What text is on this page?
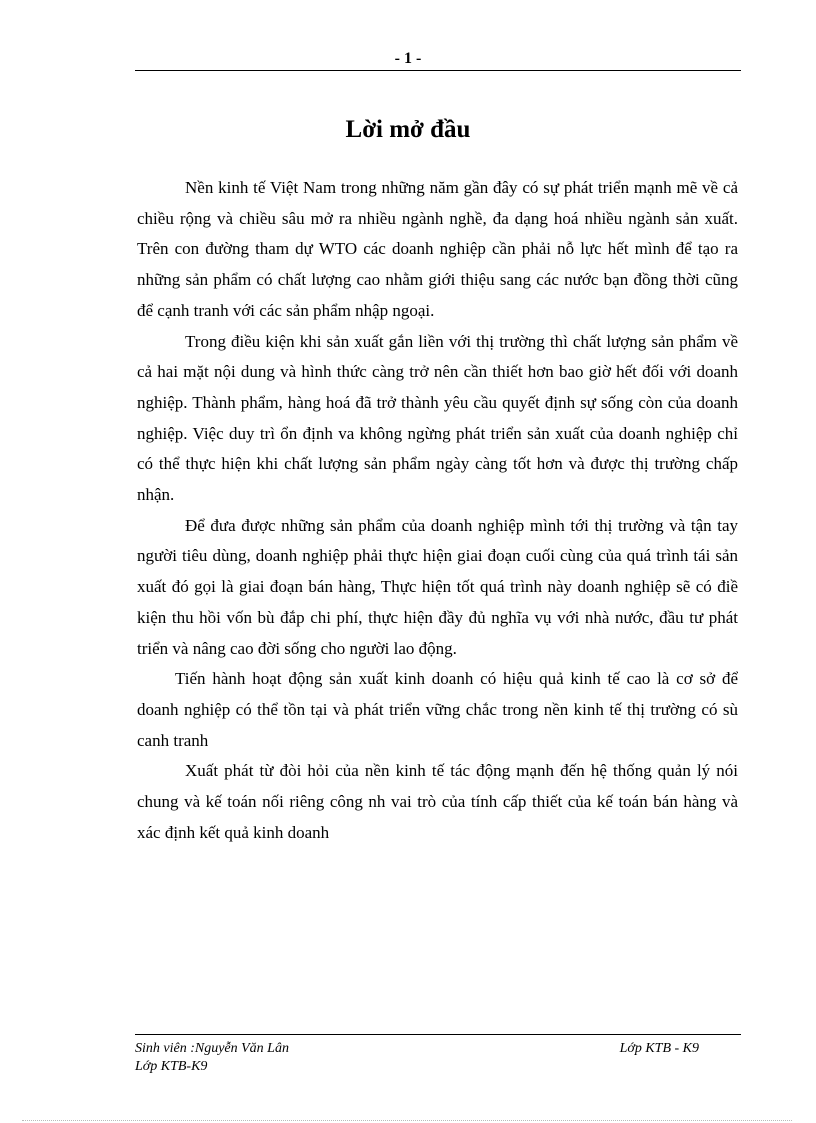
- 1 -
Lời mở đầu

Nền kinh tế Việt Nam trong những năm gần đây có sự phát triển mạnh mẽ về cả chiều rộng và chiều sâu mở ra nhiều ngành nghề, đa dạng hoá nhiều ngành sản xuất. Trên con đường tham dự WTO các doanh nghiệp cần phải nỗ lực hết mình để tạo ra những sản phẩm có chất lượng cao nhằm giới thiệu sang các nước bạn đồng thời cũng để cạnh tranh với các sản phẩm nhập ngoại.

Trong điều kiện khi sản xuất gắn liền với thị trường thì chất lượng sản phẩm về cả hai mặt nội dung và hình thức càng trở nên cần thiết hơn bao giờ hết đối với doanh nghiệp. Thành phẩm, hàng hoá đã trở thành yêu cầu quyết định sự sống còn của doanh nghiệp. Việc duy trì ổn định va không ngừng phát triển sản xuất của doanh nghiệp chỉ có thể thực hiện khi chất lượng sản phẩm ngày càng tốt hơn và được thị trường chấp nhận.

Để đưa được những sản phẩm của doanh nghiệp mình tới thị trường và tận tay người tiêu dùng, doanh nghiệp phải thực hiện giai đoạn cuối cùng của quá trình tái sản xuất đó gọi là giai đoạn bán hàng, Thực hiện tốt quá trình này doanh nghiệp sẽ có điề kiện thu hồi vốn bù đắp chi phí, thực hiện đầy đủ nghĩa vụ với nhà nước, đầu tư phát triển và nâng cao đời sống cho người lao động.

Tiến hành hoạt động sản xuất kinh doanh có hiệu quả kinh tế cao là cơ sở để doanh nghiệp có thể tồn tại và phát triển vững chắc trong nền kinh tế thị trường có sù canh tranh

Xuất phát từ đòi hỏi của nền kinh tế tác động mạnh đến hệ thống quản lý nói chung và kế toán nối riêng công nh vai trò của tính cấp thiết của kế toán bán hàng và xác định kết quả kinh doanh

Sinh viên :Nguyễn Văn Lân	Lớp KTB - K9
Lớp KTB-K9
